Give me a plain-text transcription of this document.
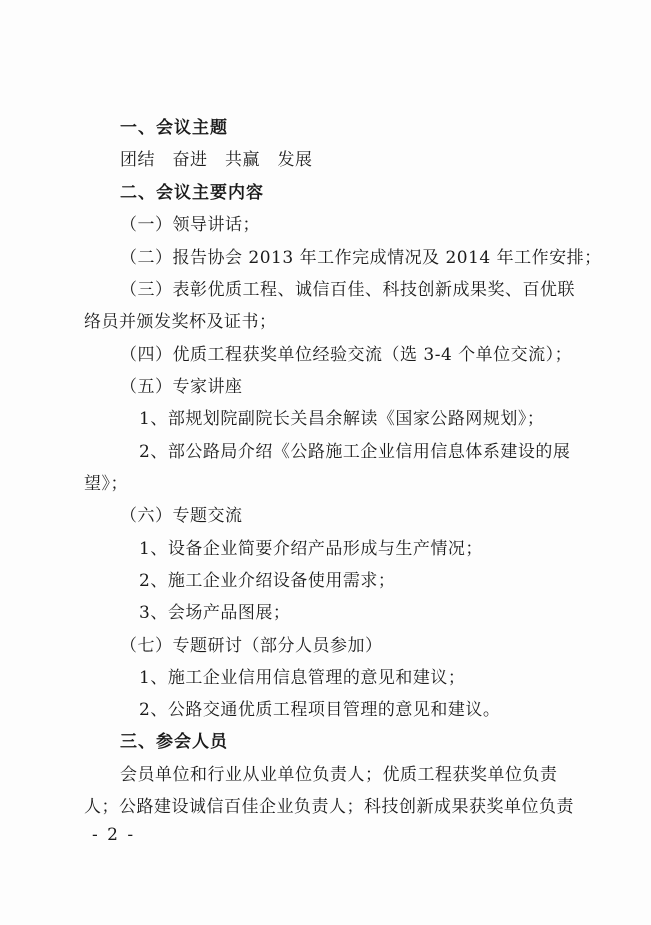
一、会议主题
团结　奋进　共赢　发展
二、会议主要内容
（一）领导讲话；
（二）报告协会 2013 年工作完成情况及 2014 年工作安排；
（三）表彰优质工程、诚信百佳、科技创新成果奖、百优联
络员并颁发奖杯及证书；
（四）优质工程获奖单位经验交流（选 3-4 个单位交流）；
（五）专家讲座
1、部规划院副院长关昌余解读《国家公路网规划》；
2、部公路局介绍《公路施工企业信用信息体系建设的展
望》；
（六）专题交流
1、设备企业简要介绍产品形成与生产情况；
2、施工企业介绍设备使用需求；
3、会场产品图展；
（七）专题研讨（部分人员参加）
1、施工企业信用信息管理的意见和建议；
2、公路交通优质工程项目管理的意见和建议。
三、参会人员
会员单位和行业从业单位负责人；优质工程获奖单位负责
人；公路建设诚信百佳企业负责人；科技创新成果获奖单位负责
- 2 -
